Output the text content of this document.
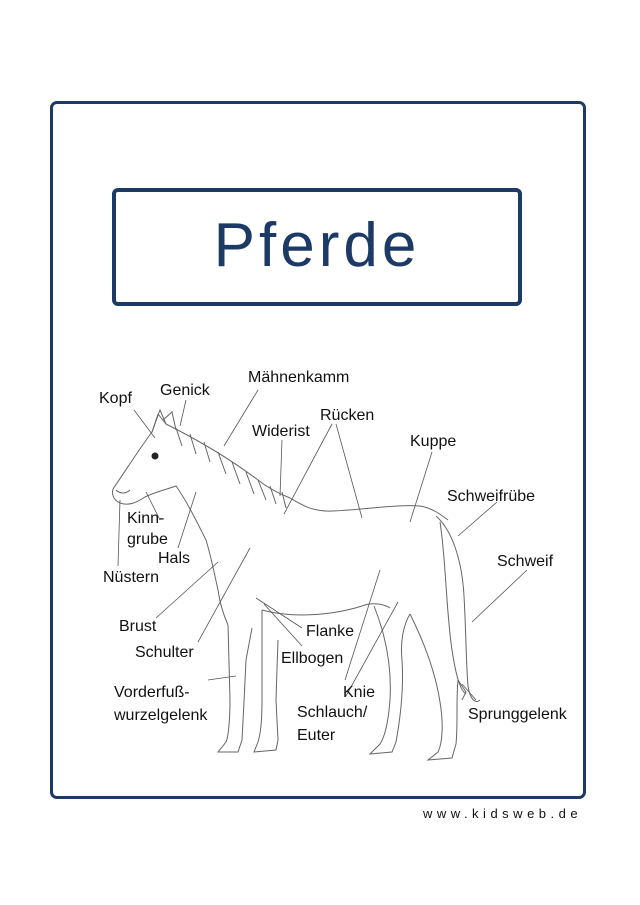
Pferde
Kopf Genick
Mähnenkamm
Widerist
Rücken
Kuppe
Schweifrübe
Schweif
Kinn-
grube
Hals
Nüstern
Brust
Schulter
Flanke
Ellbogen
Vorderfuß-
wurzelgelenk
Knie
Schlauch/
Euter
Sprunggelenk
www.kidsweb.de
